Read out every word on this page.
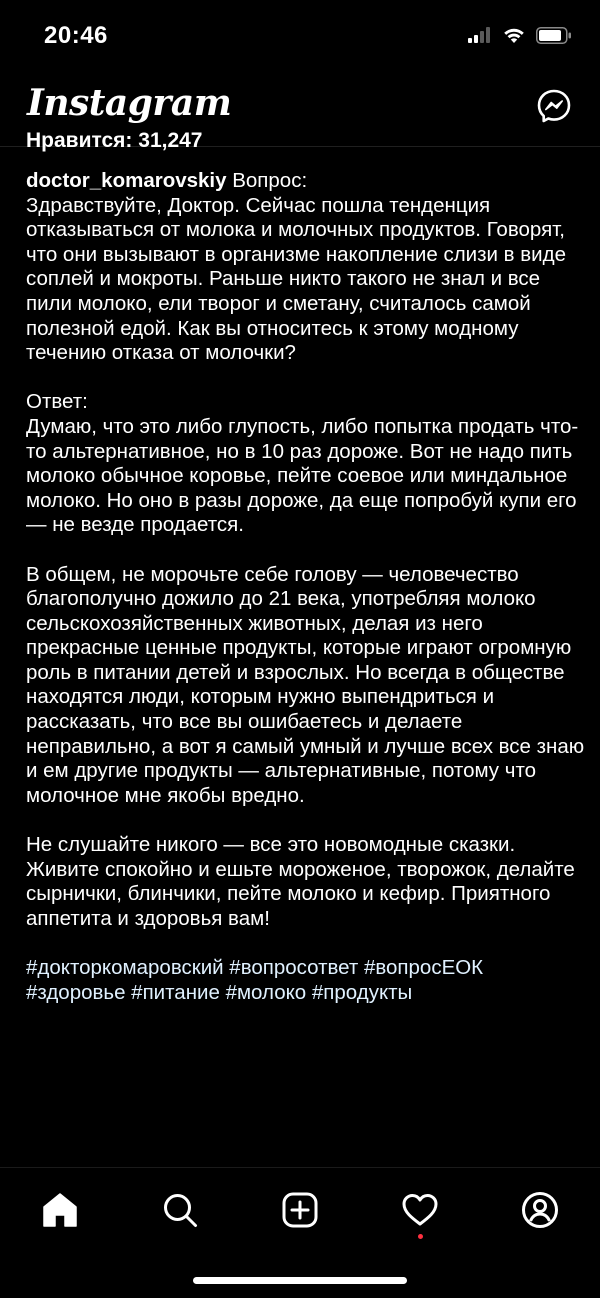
20:46
Instagram
Нравится: 31,247

doctor_komarovskiy Вопрос:
Здравствуйте, Доктор. Сейчас пошла тенденция отказываться от молока и молочных продуктов. Говорят, что они вызывают в организме накопление слизи в виде соплей и мокроты. Раньше никто такого не знал и все пили молоко, ели творог и сметану, считалось самой полезной едой. Как вы относитесь к этому модному течению отказа от молочки?

Ответ:
Думаю, что это либо глупость, либо попытка продать что-то альтернативное, но в 10 раз дороже. Вот не надо пить молоко обычное коровье, пейте соевое или миндальное молоко. Но оно в разы дороже, да еще попробуй купи его — не везде продается.

В общем, не морочьте себе голову — человечество благополучно дожило до 21 века, употребляя молоко сельскохозяйственных животных, делая из него прекрасные ценные продукты, которые играют огромную роль в питании детей и взрослых. Но всегда в обществе находятся люди, которым нужно выпендриться и рассказать, что все вы ошибаетесь и делаете неправильно, а вот я самый умный и лучше всех все знаю и ем другие продукты — альтернативные, потому что молочное мне якобы вредно.

Не слушайте никого — все это новомодные сказки. Живите спокойно и ешьте мороженое, творожок, делайте сырнички, блинчики, пейте молоко и кефир. Приятного аппетита и здоровья вам!

#докторкомаровский #вопросответ #вопросЕОК #здоровье #питание #молоко #продукты
